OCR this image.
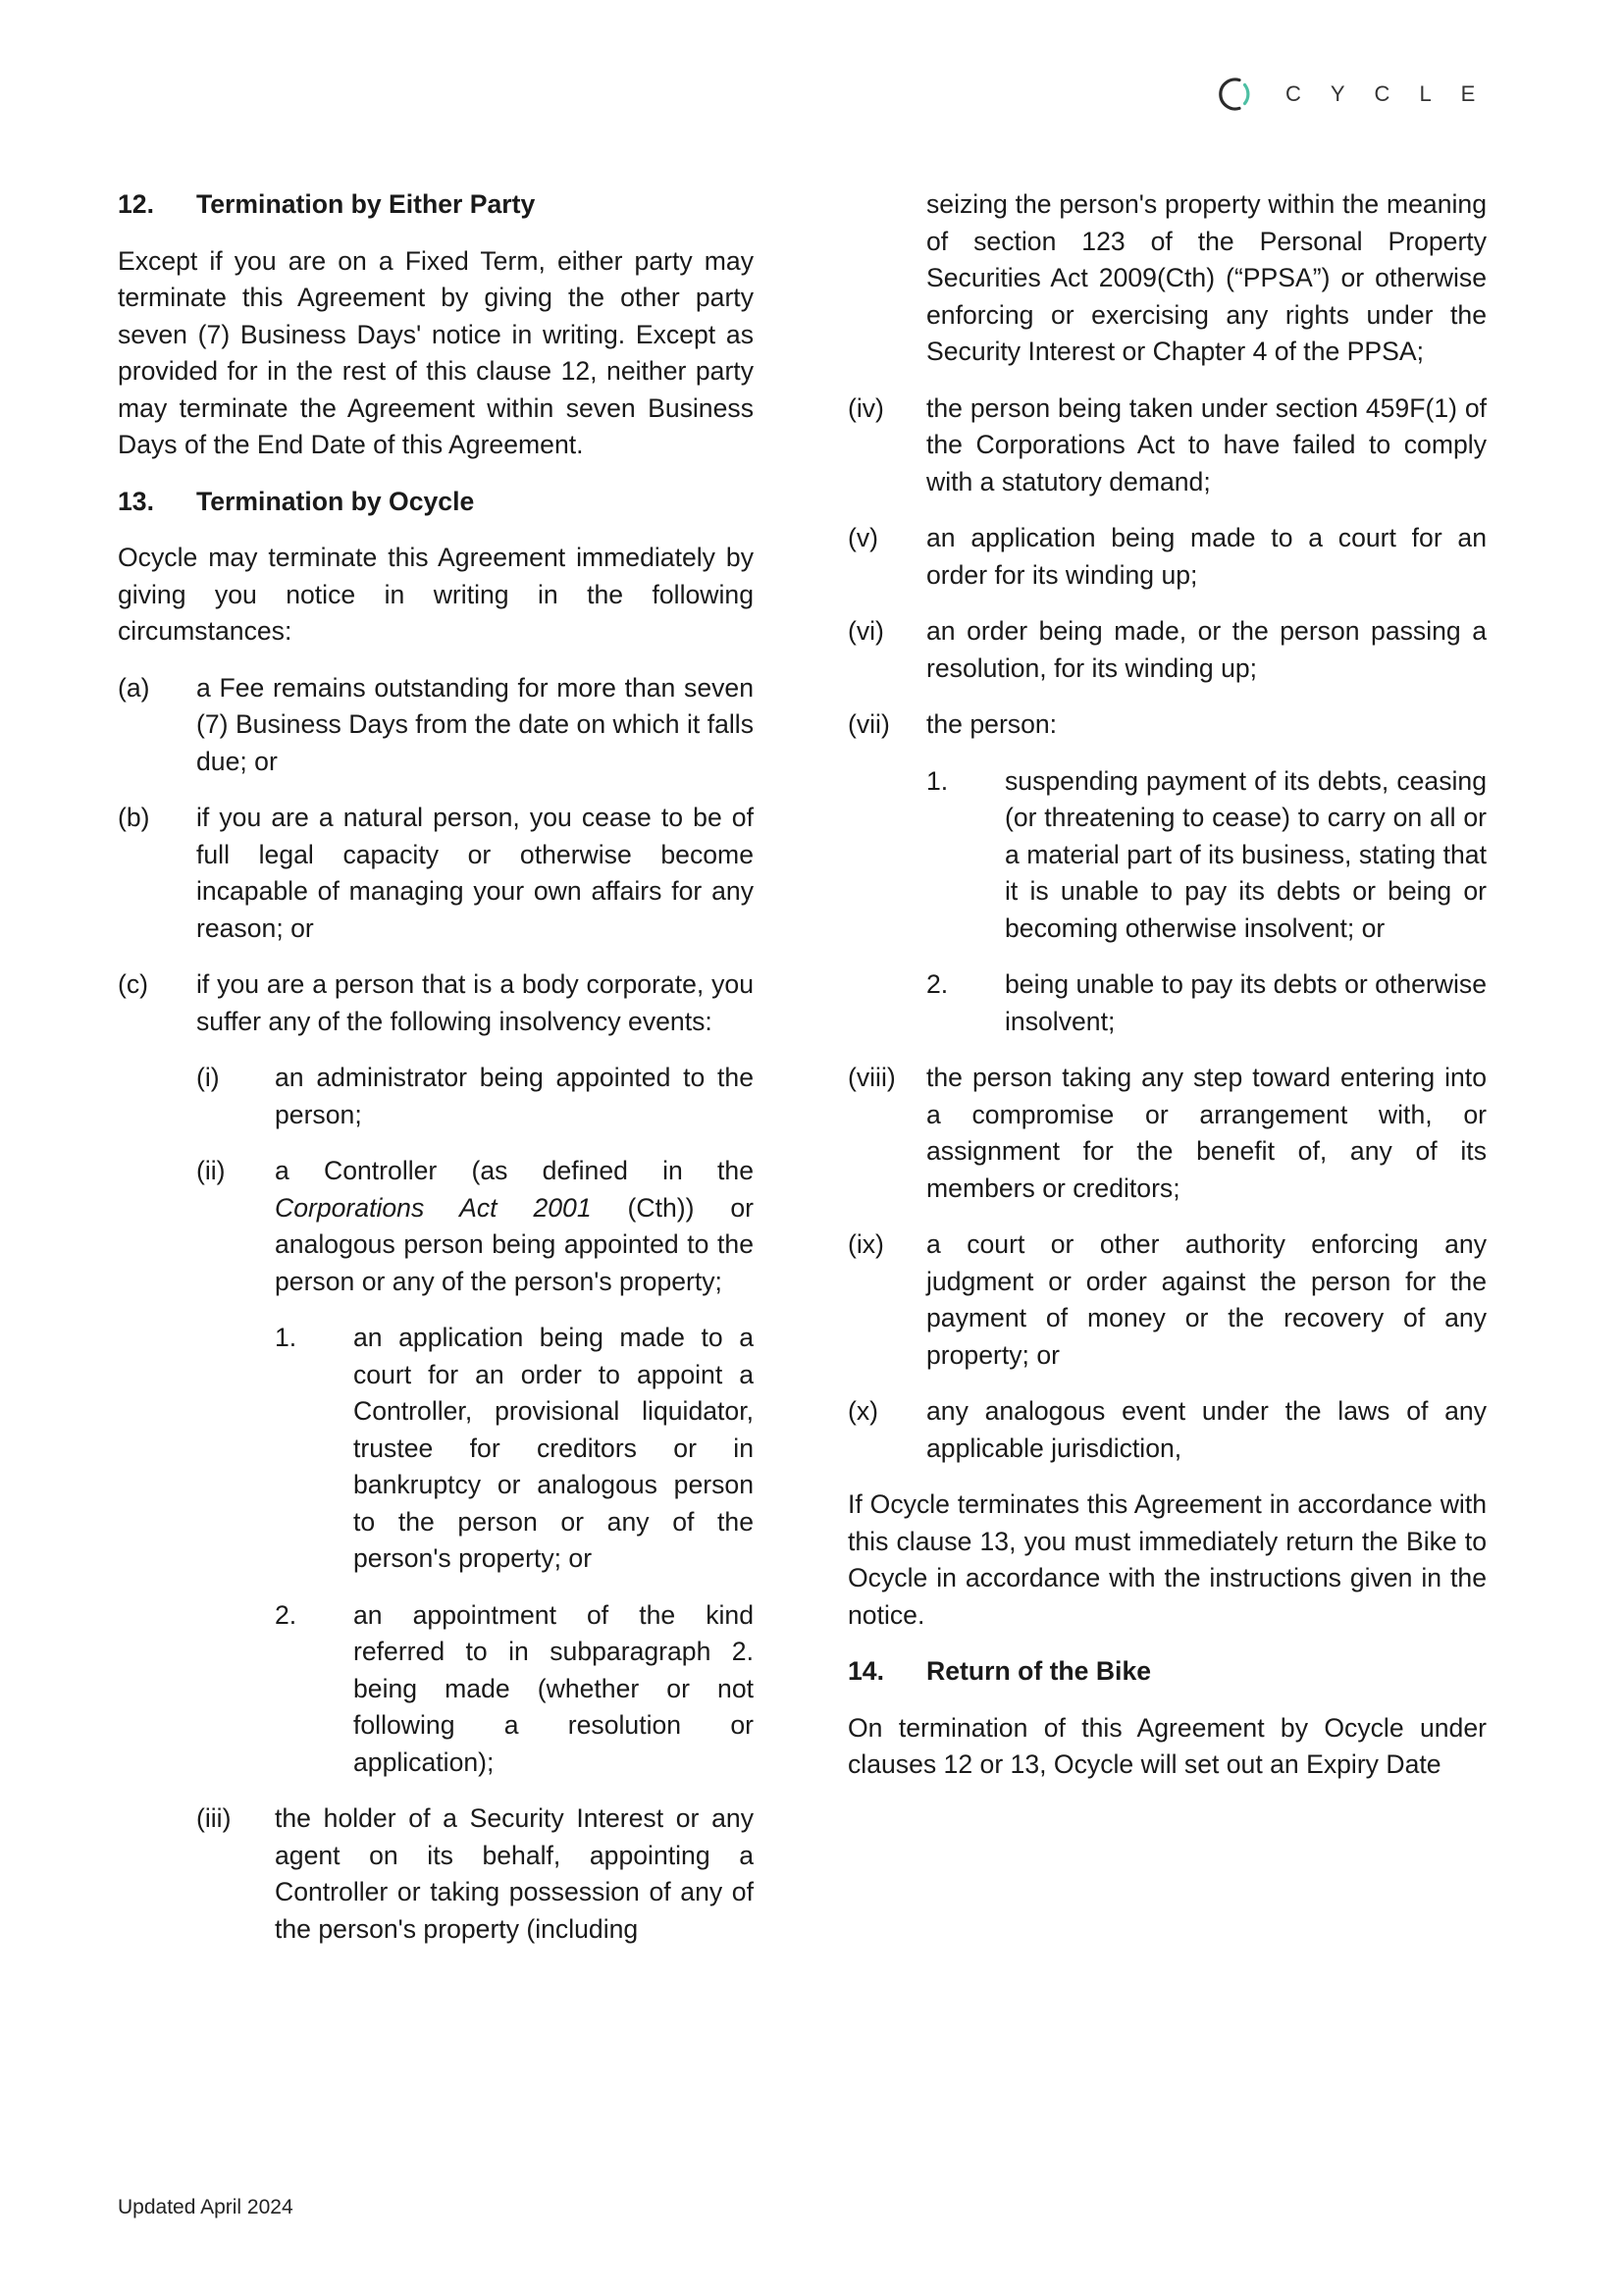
CYCLE
12.	Termination by Either Party

Except if you are on a Fixed Term, either party may terminate this Agreement by giving the other party seven (7) Business Days' notice in writing. Except as provided for in the rest of this clause 12, neither party may terminate the Agreement within seven Business Days of the End Date of this Agreement.

13.	Termination by Ocycle

Ocycle may terminate this Agreement immediately by giving you notice in writing in the following circumstances:

(a)	a Fee remains outstanding for more than seven (7) Business Days from the date on which it falls due; or
(b)	if you are a natural person, you cease to be of full legal capacity or otherwise become incapable of managing your own affairs for any reason; or
(c)	if you are a person that is a body corporate, you suffer any of the following insolvency events:
(i)	an administrator being appointed to the person;
(ii)	a Controller (as defined in the Corporations Act 2001 (Cth)) or analogous person being appointed to the person or any of the person's property;
1.	an application being made to a court for an order to appoint a Controller, provisional liquidator, trustee for creditors or in bankruptcy or analogous person to the person or any of the person's property; or
2.	an appointment of the kind referred to in subparagraph 2. being made (whether or not following a resolution or application);
(iii)	the holder of a Security Interest or any agent on its behalf, appointing a Controller or taking possession of any of the person's property (including

seizing the person's property within the meaning of section 123 of the Personal Property Securities Act 2009(Cth) (“PPSA”) or otherwise enforcing or exercising any rights under the Security Interest or Chapter 4 of the PPSA;

(iv)	the person being taken under section 459F(1) of the Corporations Act to have failed to comply with a statutory demand;
(v)	an application being made to a court for an order for its winding up;
(vi)	an order being made, or the person passing a resolution, for its winding up;
(vii)	the person:
1.	suspending payment of its debts, ceasing (or threatening to cease) to carry on all or a material part of its business, stating that it is unable to pay its debts or being or becoming otherwise insolvent; or
2.	being unable to pay its debts or otherwise insolvent;
(viii)	the person taking any step toward entering into a compromise or arrangement with, or assignment for the benefit of, any of its members or creditors;
(ix)	a court or other authority enforcing any judgment or order against the person for the payment of money or the recovery of any property; or
(x)	any analogous event under the laws of any applicable jurisdiction,

If Ocycle terminates this Agreement in accordance with this clause 13, you must immediately return the Bike to Ocycle in accordance with the instructions given in the notice.

14.	Return of the Bike

On termination of this Agreement by Ocycle under clauses 12 or 13, Ocycle will set out an Expiry Date

Updated April 2024
